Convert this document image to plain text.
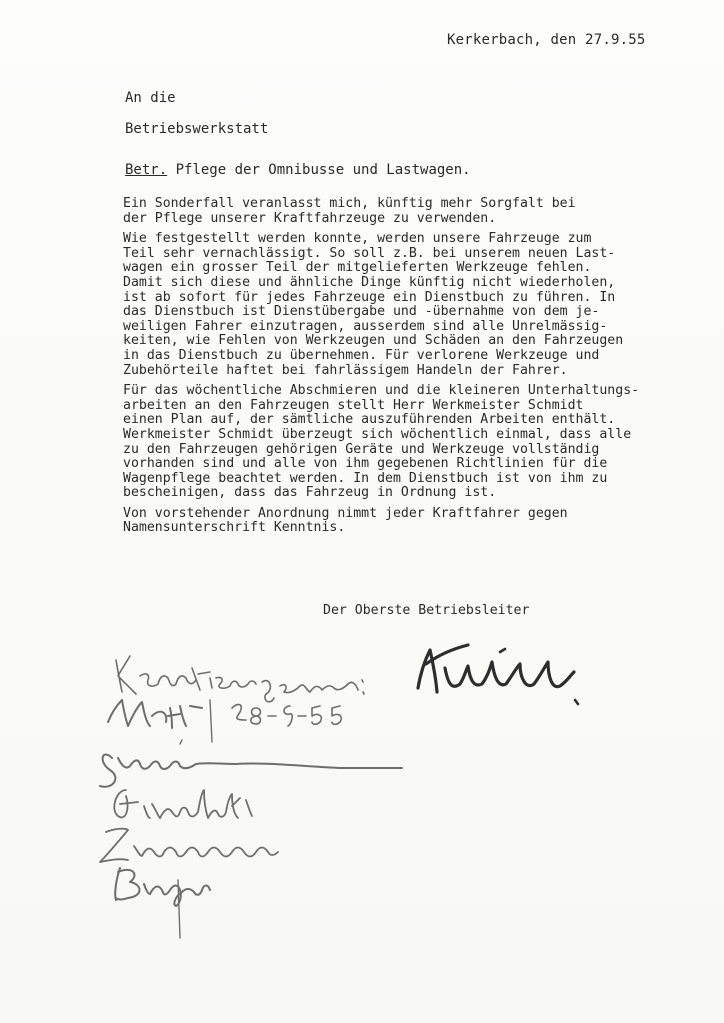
Kerkerbach, den 27.9.55
An die
Betriebswerkstatt
Betr. Pflege der Omnibusse und Lastwagen.
Ein Sonderfall veranlasst mich, künftig mehr Sorgfalt bei
der Pflege unserer Kraftfahrzeuge zu verwenden.
Wie festgestellt werden konnte, werden unsere Fahrzeuge zum
Teil sehr vernachlässigt. So soll z.B. bei unserem neuen Last-
wagen ein grosser Teil der mitgelieferten Werkzeuge fehlen.
Damit sich diese und ähnliche Dinge künftig nicht wiederholen,
ist ab sofort für jedes Fahrzeuge ein Dienstbuch zu führen. In
das Dienstbuch ist Dienstübergabe und -übernahme von dem je-
weiligen Fahrer einzutragen, ausserdem sind alle Unrelmässig-
keiten, wie Fehlen von Werkzeugen und Schäden an den Fahrzeugen
in das Dienstbuch zu übernehmen. Für verlorene Werkzeuge und
Zubehörteile haftet bei fahrlässigem Handeln der Fahrer.
Für das wöchentliche Abschmieren und die kleineren Unterhaltungs-
arbeiten an den Fahrzeugen stellt Herr Werkmeister Schmidt
einen Plan auf, der sämtliche auszuführenden Arbeiten enthält.
Werkmeister Schmidt überzeugt sich wöchentlich einmal, dass alle
zu den Fahrzeugen gehörigen Geräte und Werkzeuge vollständig
vorhanden sind und alle von ihm gegebenen Richtlinien für die
Wagenpflege beachtet werden. In dem Dienstbuch ist von ihm zu
bescheinigen, dass das Fahrzeug in Ordnung ist.
Von vorstehender Anordnung nimmt jeder Kraftfahrer gegen
Namensunterschrift Kenntnis.
Der Oberste Betriebsleiter
